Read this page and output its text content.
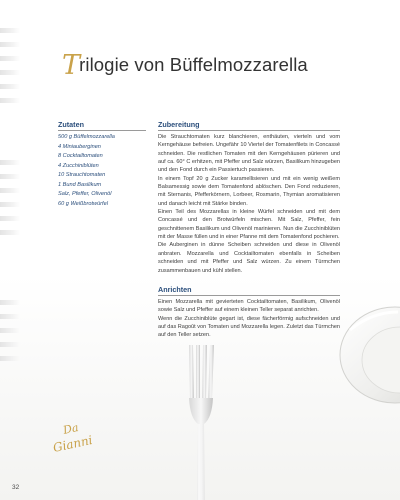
Trilogie von Büffelmozzarella
Zutaten
500 g Büffelmozzarella
4 Miniauberginen
8 Cocktailtomaten
4 Zucchiniblüten
10 Strauchtomaten
1 Bund Basilikum
Salz, Pfeffer, Olivenöl
60 g Weißbrotwürfel
Zubereitung

Die Strauchtomaten kurz blanchieren, enthäuten, vierteln und vom Kerngehäuse befreien. Ungefähr 10 Viertel der Tomatenfilets in Concassé schneiden. Die restlichen Tomaten mit den Kerngehäusen pürieren und auf ca. 60° C erhitzen, mit Pfeffer und Salz würzen, Basilikum hinzugeben und den Fond durch ein Passiertuch passieren.

In einem Topf 20 g Zucker karamellisieren und mit ein wenig weißem Balsamessig sowie dem Tomatenfond ablöschen. Den Fond reduzieren, mit Sternanis, Pfefferkörnern, Lorbeer, Rosmarin, Thymian aromatisieren und danach leicht mit Stärke binden.

Einen Teil des Mozzarellas in kleine Würfel schneiden und mit dem Concassé und den Brotwürfeln mischen. Mit Salz, Pfeffer, fein geschnittenem Basilikum und Olivenöl marinieren. Nun die Zucchiniblüten mit der Masse füllen und in einer Pfanne mit dem Tomatenfond pochieren.

Die Auberginen in dünne Scheiben schneiden und diese in Olivenöl anbraten. Mozzarella und Cocktailtomaten ebenfalls in Scheiben schneiden und mit Pfeffer und Salz würzen. Zu einem Türmchen zusammenbauen und kühl stellen.

Anrichten

Einen Mozzarella mit gevierteten Cocktailtomaten, Basilikum, Olivenöl sowie Salz und Pfeffer auf einem kleinen Teller separat anrichten.

Wenn die Zucchiniblüte gegart ist, diese fächerförmig aufschneiden und auf das Ragoût von Tomaten und Mozzarella legen. Zuletzt das Türmchen auf den Teller setzen.

Da
Gianni
32
